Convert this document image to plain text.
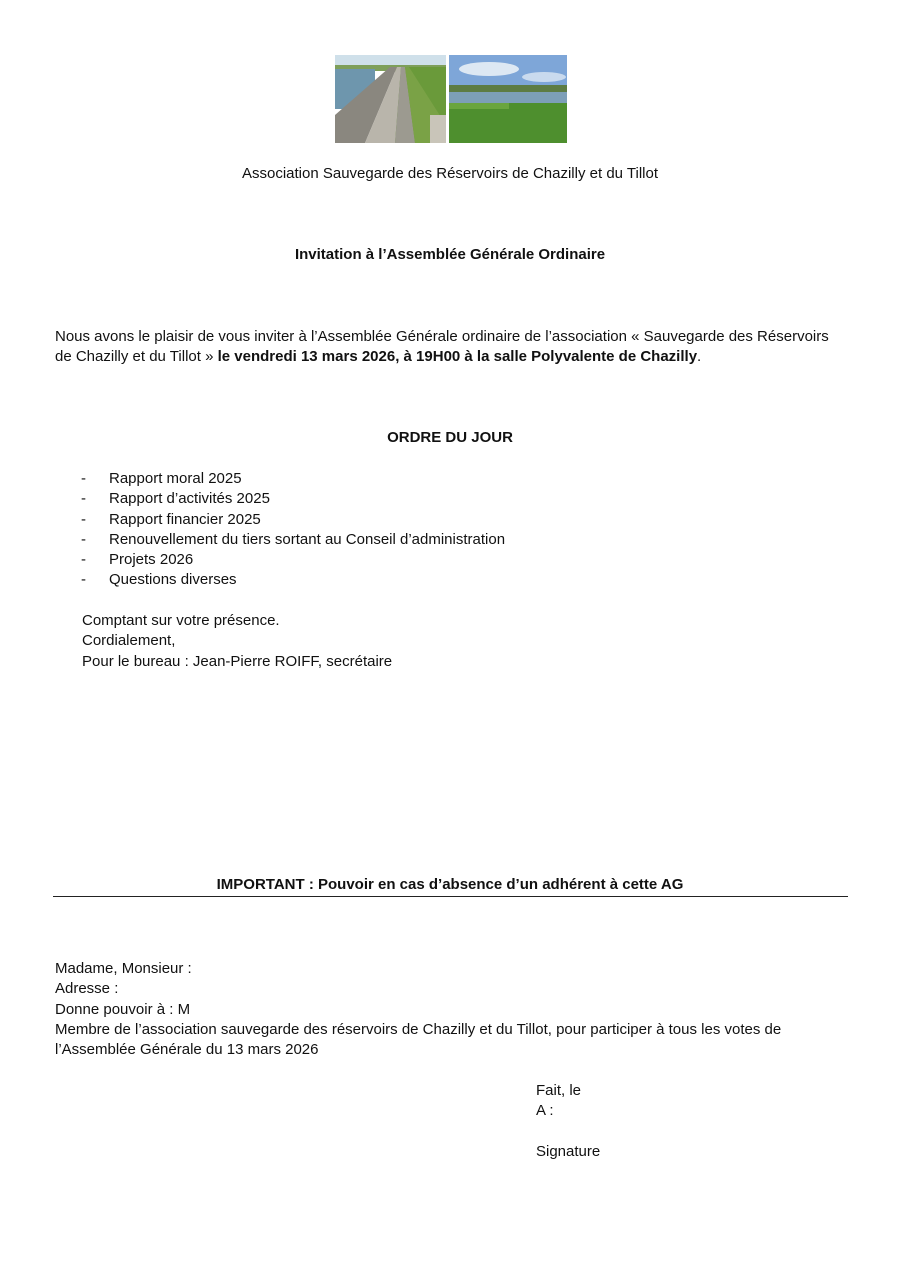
Association Sauvegarde des Réservoirs de Chazilly et du Tillot
Invitation à l’Assemblée Générale Ordinaire
Nous avons le plaisir de vous inviter à l’Assemblée Générale ordinaire de l’association « Sauvegarde des Réservoirs de Chazilly et du Tillot » le vendredi 13 mars 2026, à 19H00 à la salle Polyvalente de Chazilly.
ORDRE DU JOUR
- Rapport moral 2025
- Rapport d’activités 2025
- Rapport financier 2025
- Renouvellement du tiers sortant au Conseil d’administration
- Projets 2026
- Questions diverses
Comptant sur votre présence.
Cordialement,
Pour le bureau : Jean-Pierre ROIFF, secrétaire
IMPORTANT : Pouvoir en cas d’absence d’un adhérent à cette AG
Madame, Monsieur :
Adresse :
Donne pouvoir à : M
Membre de l’association sauvegarde des réservoirs de Chazilly et du Tillot, pour participer à tous les votes de l’Assemblée Générale du 13 mars 2026
Fait, le
A :
Signature
